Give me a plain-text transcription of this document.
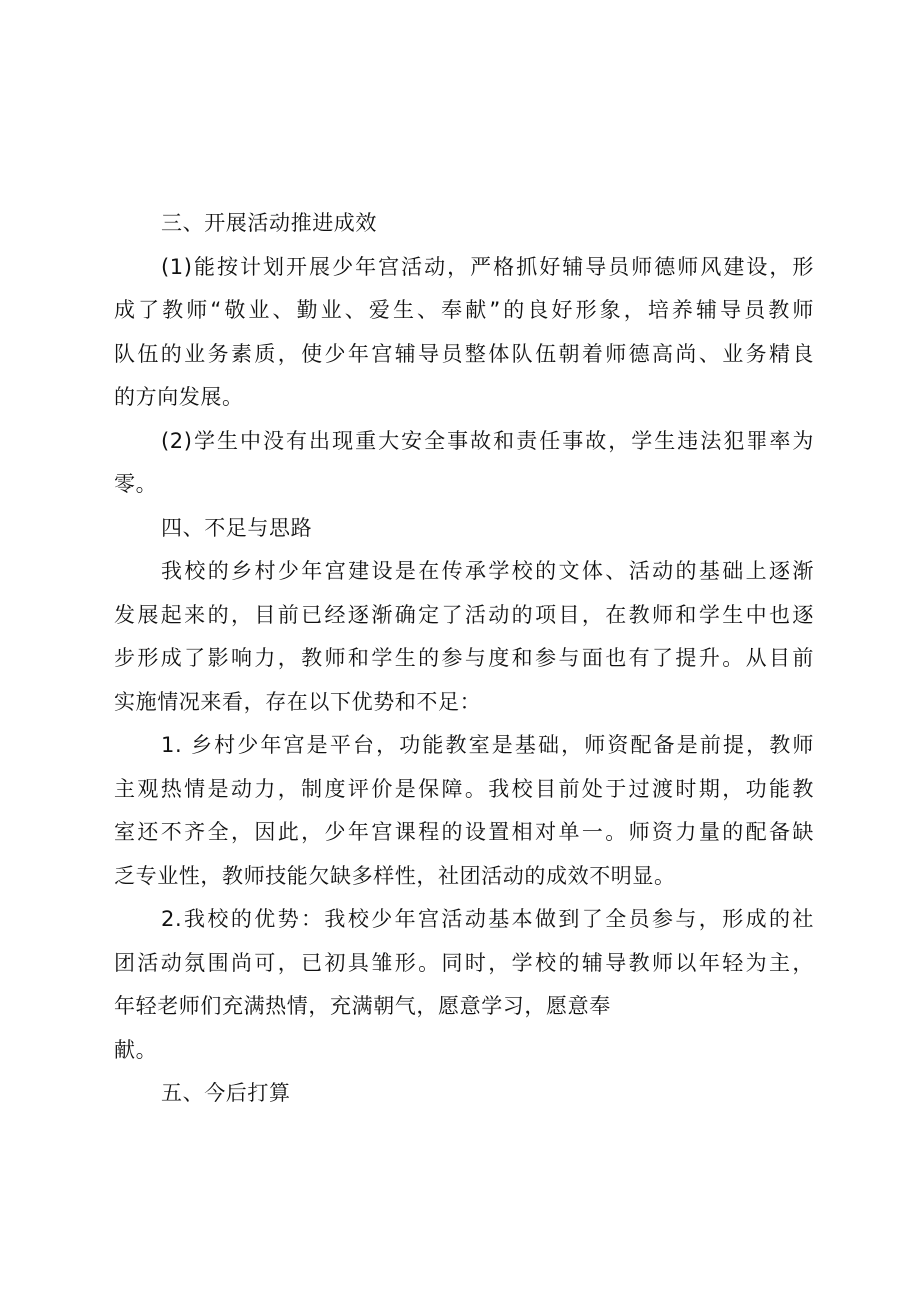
三、开展活动推进成效
(1)能按计划开展少年宫活动，严格抓好辅导员师德师风建设，形
成了教师“敬业、勤业、爱生、奉献”的良好形象，培养辅导员教师
队伍的业务素质，使少年宫辅导员整体队伍朝着师德高尚、业务精良
的方向发展。
(2)学生中没有出现重大安全事故和责任事故，学生违法犯罪率为
零。
四、不足与思路
我校的乡村少年宫建设是在传承学校的文体、活动的基础上逐渐
发展起来的，目前已经逐渐确定了活动的项目，在教师和学生中也逐
步形成了影响力，教师和学生的参与度和参与面也有了提升。从目前
实施情况来看，存在以下优势和不足：
1. 乡村少年宫是平台，功能教室是基础，师资配备是前提，教师
主观热情是动力，制度评价是保障。我校目前处于过渡时期，功能教
室还不齐全，因此，少年宫课程的设置相对单一。师资力量的配备缺
乏专业性，教师技能欠缺多样性，社团活动的成效不明显。
2.我校的优势：我校少年宫活动基本做到了全员参与，形成的社
团活动氛围尚可，已初具雏形。同时，学校的辅导教师以年轻为主，
年轻老师们充满热情，充满朝气，愿意学习，愿意奉
献。
五、今后打算
